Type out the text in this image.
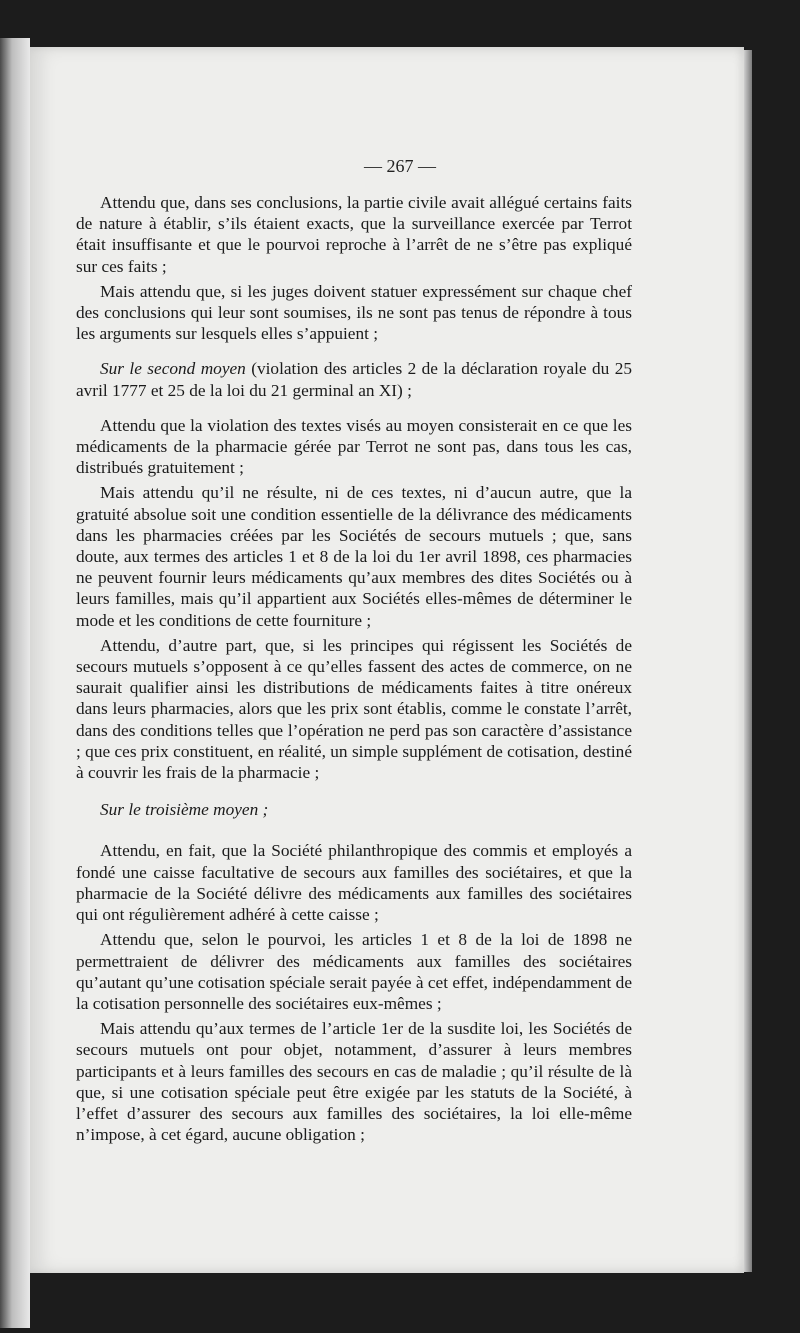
— 267 —

Attendu que, dans ses conclusions, la partie civile avait allégué certains faits de nature à établir, s’ils étaient exacts, que la surveillance exercée par Terrot était insuffisante et que le pourvoi reproche à l’arrêt de ne s’être pas expliqué sur ces faits ;

Mais attendu que, si les juges doivent statuer expressément sur chaque chef des conclusions qui leur sont soumises, ils ne sont pas tenus de répondre à tous les arguments sur lesquels elles s’appuient ;

Sur le second moyen (violation des articles 2 de la déclaration royale du 25 avril 1777 et 25 de la loi du 21 germinal an XI) ;

Attendu que la violation des textes visés au moyen consisterait en ce que les médicaments de la pharmacie gérée par Terrot ne sont pas, dans tous les cas, distribués gratuitement ;

Mais attendu qu’il ne résulte, ni de ces textes, ni d’aucun autre, que la gratuité absolue soit une condition essentielle de la délivrance des médicaments dans les pharmacies créées par les Sociétés de secours mutuels ; que, sans doute, aux termes des articles 1 et 8 de la loi du 1er avril 1898, ces pharmacies ne peuvent fournir leurs médicaments qu’aux membres des dites Sociétés ou à leurs familles, mais qu’il appartient aux Sociétés elles-mêmes de déterminer le mode et les conditions de cette fourniture ;

Attendu, d’autre part, que, si les principes qui régissent les Sociétés de secours mutuels s’opposent à ce qu’elles fassent des actes de commerce, on ne saurait qualifier ainsi les distributions de médicaments faites à titre onéreux dans leurs pharmacies, alors que les prix sont établis, comme le constate l’arrêt, dans des conditions telles que l’opération ne perd pas son caractère d’assistance ; que ces prix constituent, en réalité, un simple supplément de cotisation, destiné à couvrir les frais de la pharmacie ;

Sur le troisième moyen ;

Attendu, en fait, que la Société philanthropique des commis et employés a fondé une caisse facultative de secours aux familles des sociétaires, et que la pharmacie de la Société délivre des médicaments aux familles des sociétaires qui ont régulièrement adhéré à cette caisse ;

Attendu que, selon le pourvoi, les articles 1 et 8 de la loi de 1898 ne permettraient de délivrer des médicaments aux familles des sociétaires qu’autant qu’une cotisation spéciale serait payée à cet effet, indépendamment de la cotisation personnelle des sociétaires eux-mêmes ;

Mais attendu qu’aux termes de l’article 1er de la susdite loi, les Sociétés de secours mutuels ont pour objet, notamment, d’assurer à leurs membres participants et à leurs familles des secours en cas de maladie ; qu’il résulte de là que, si une cotisation spéciale peut être exigée par les statuts de la Société, à l’effet d’assurer des secours aux familles des sociétaires, la loi elle-même n’impose, à cet égard, aucune obligation ;
